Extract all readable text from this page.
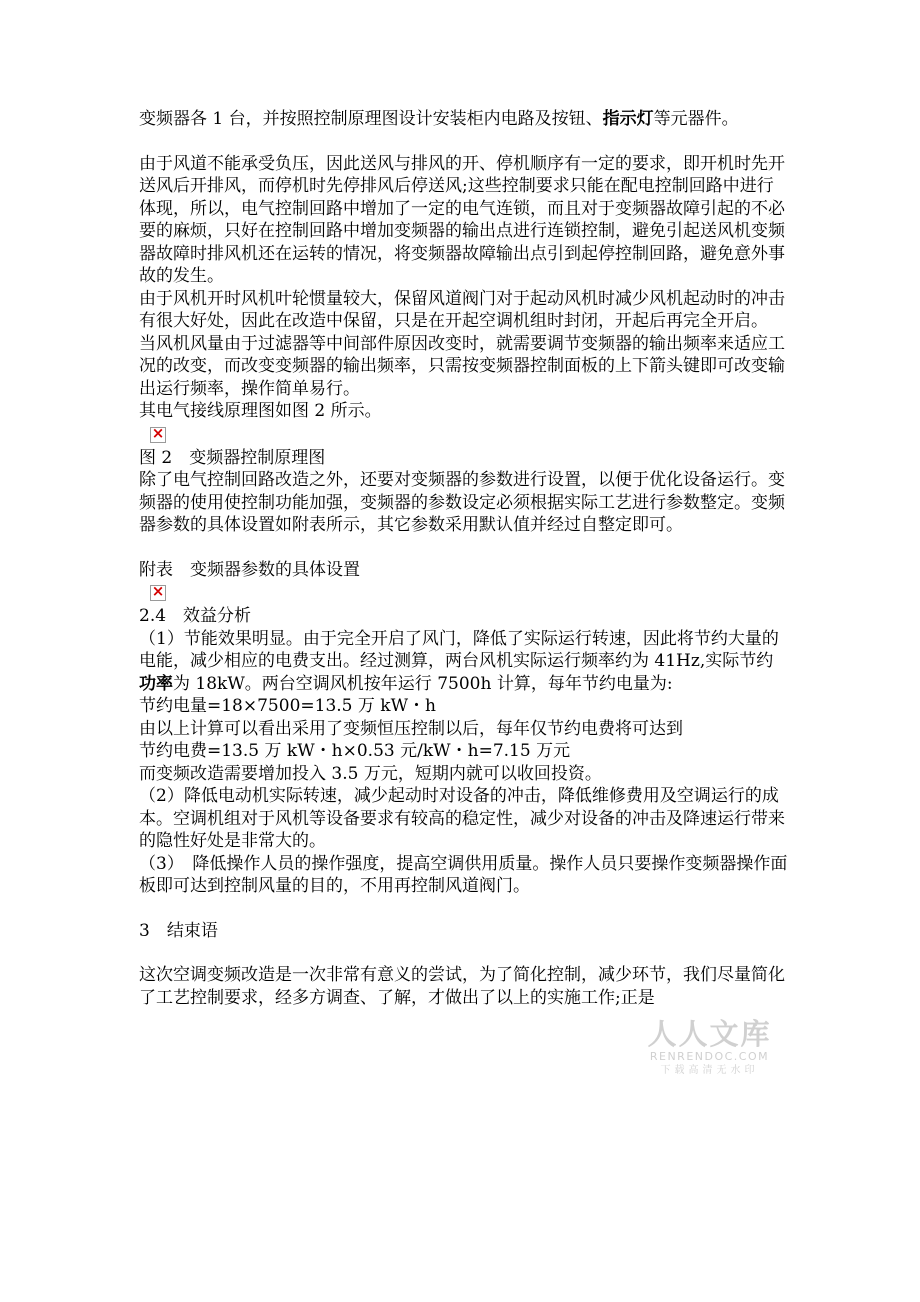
变频器各 1 台，并按照控制原理图设计安装柜内电路及按钮、指示灯等元器件。

由于风道不能承受负压，因此送风与排风的开、停机顺序有一定的要求，即开机时先开送风后开排风，而停机时先停排风后停送风;这些控制要求只能在配电控制回路中进行体现，所以，电气控制回路中增加了一定的电气连锁，而且对于变频器故障引起的不必要的麻烦，只好在控制回路中增加变频器的输出点进行连锁控制，避免引起送风机变频器故障时排风机还在运转的情况，将变频器故障输出点引到起停控制回路，避免意外事故的发生。

由于风机开时风机叶轮惯量较大，保留风道阀门对于起动风机时减少风机起动时的冲击有很大好处，因此在改造中保留，只是在开起空调机组时封闭，开起后再完全开启。

当风机风量由于过滤器等中间部件原因改变时，就需要调节变频器的输出频率来适应工况的改变，而改变变频器的输出频率，只需按变频器控制面板的上下箭头键即可改变输出运行频率，操作简单易行。

其电气接线原理图如图 2 所示。

×

图 2　变频器控制原理图

除了电气控制回路改造之外，还要对变频器的参数进行设置，以便于优化设备运行。变频器的使用使控制功能加强，变频器的参数设定必须根据实际工艺进行参数整定。变频器参数的具体设置如附表所示，其它参数采用默认值并经过自整定即可。

附表　变频器参数的具体设置

×

2.4　效益分析

（1）节能效果明显。由于完全开启了风门，降低了实际运行转速，因此将节约大量的电能，减少相应的电费支出。经过测算，两台风机实际运行频率约为 41Hz,实际节约功率为 18kW。两台空调风机按年运行 7500h 计算，每年节约电量为:

节约电量=18×7500=13.5 万 kW・h

由以上计算可以看出采用了变频恒压控制以后，每年仅节约电费将可达到

节约电费=13.5 万 kW・h×0.53 元/kW・h=7.15 万元

而变频改造需要增加投入 3.5 万元，短期内就可以收回投资。

（2）降低电动机实际转速，减少起动时对设备的冲击，降低维修费用及空调运行的成本。空调机组对于风机等设备要求有较高的稳定性，减少对设备的冲击及降速运行带来的隐性好处是非常大的。

（3）　降低操作人员的操作强度，提高空调供用质量。操作人员只要操作变频器操作面板即可达到控制风量的目的，不用再控制风道阀门。

3　结束语

这次空调变频改造是一次非常有意义的尝试，为了简化控制，减少环节，我们尽量简化了工艺控制要求，经多方调查、了解，才做出了以上的实施工作;正是

人人文库
RENRENDOC.COM
下载高清无水印
